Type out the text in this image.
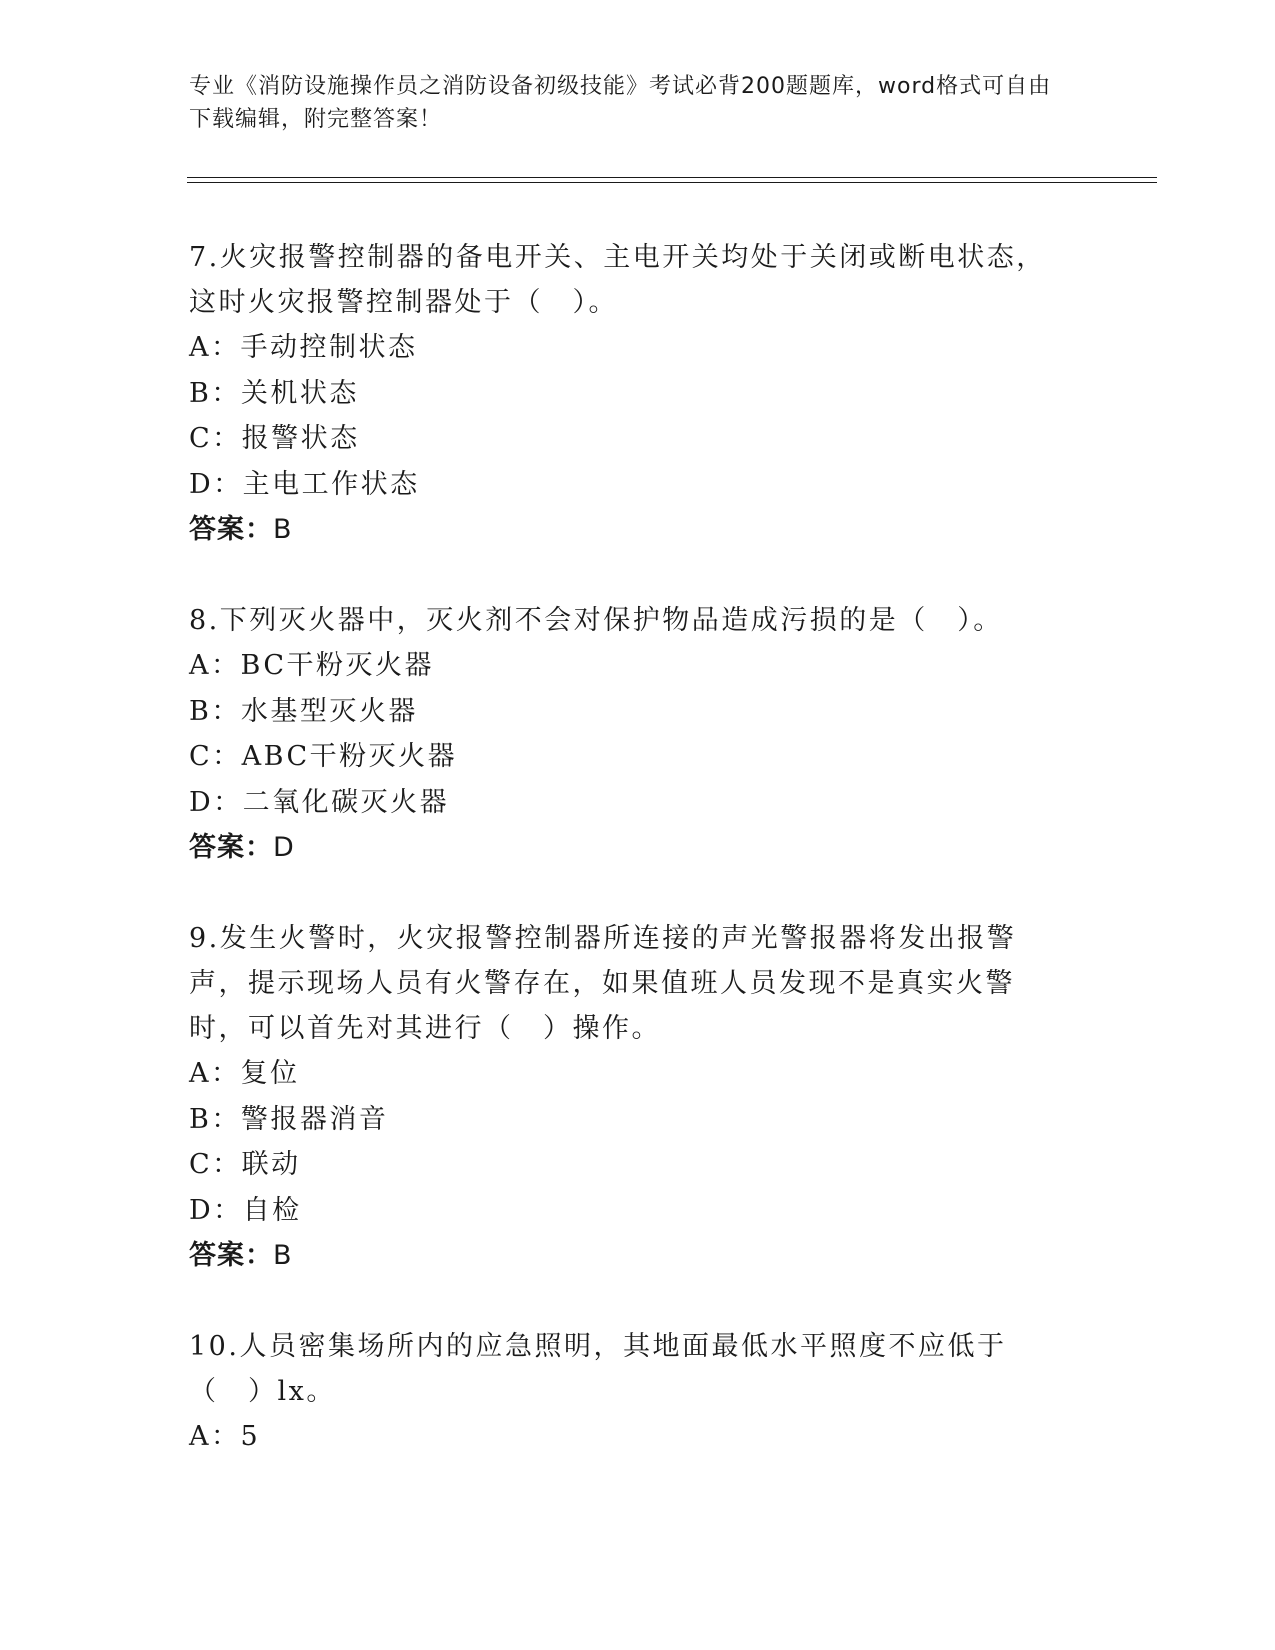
专业《消防设施操作员之消防设备初级技能》考试必背200题题库，word格式可自由下载编辑，附完整答案！

7.火灾报警控制器的备电开关、主电开关均处于关闭或断电状态，这时火灾报警控制器处于（　）。

A：手动控制状态

B：关机状态

C：报警状态

D：主电工作状态

答案：B

8.下列灭火器中，灭火剂不会对保护物品造成污损的是（　）。

A：BC干粉灭火器

B：水基型灭火器

C：ABC干粉灭火器

D：二氧化碳灭火器

答案：D

9.发生火警时，火灾报警控制器所连接的声光警报器将发出报警声，提示现场人员有火警存在，如果值班人员发现不是真实火警时，可以首先对其进行（　）操作。

A：复位

B：警报器消音

C：联动

D：自检

答案：B

10.人员密集场所内的应急照明，其地面最低水平照度不应低于（　）lx。

A：5
